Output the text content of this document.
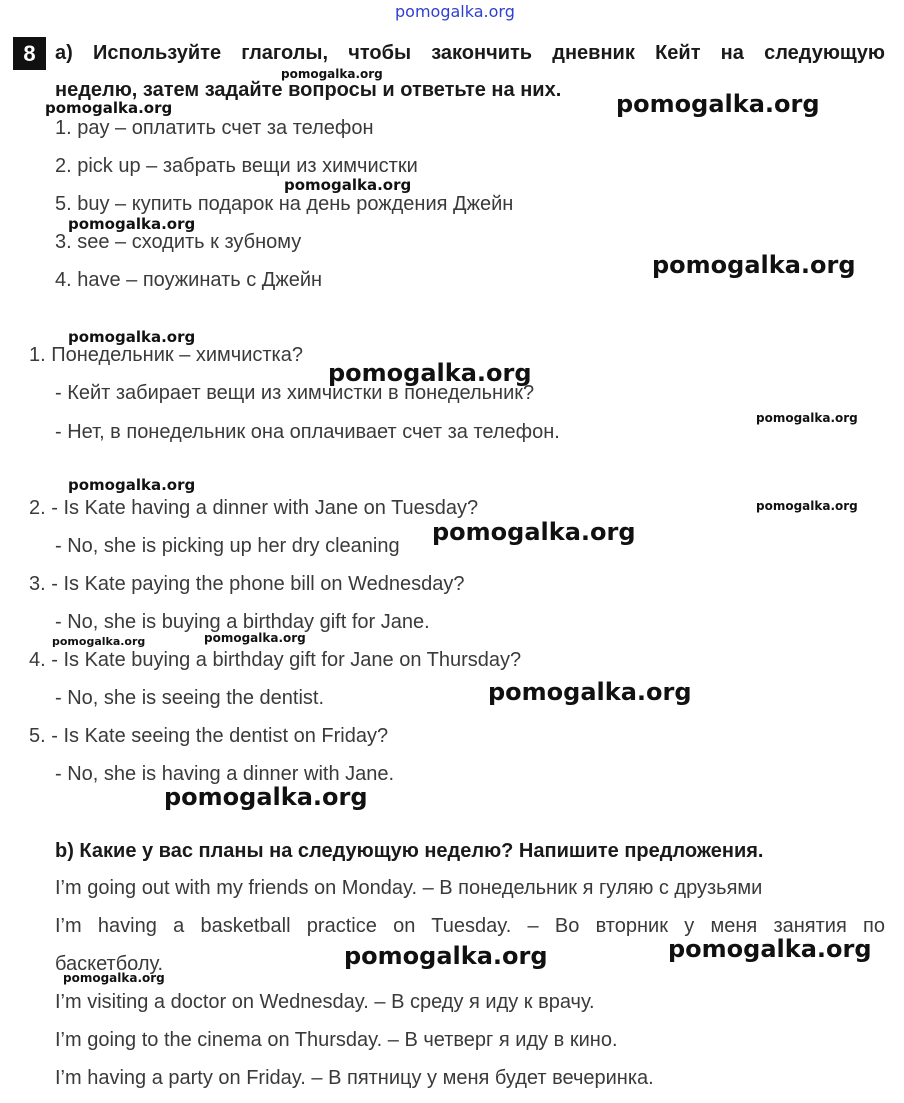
pomogalka.org
8 a) Используйте глаголы, чтобы закончить дневник Кейт на следующую
неделю, затем задайте вопросы и ответьте на них.
1. pay – оплатить счет за телефон
2. pick up – забрать вещи из химчистки
5. buy – купить подарок на день рождения Джейн
3. see – сходить к зубному
4. have – поужинать с Джейн
1. Понедельник – химчистка?
- Кейт забирает вещи из химчистки в понедельник?
- Нет, в понедельник она оплачивает счет за телефон.
2. - Is Kate having a dinner with Jane on Tuesday?
- No, she is picking up her dry cleaning
3. - Is Kate paying the phone bill on Wednesday?
- No, she is buying a birthday gift for Jane.
4. - Is Kate buying a birthday gift for Jane on Thursday?
- No, she is seeing the dentist.
5. - Is Kate seeing the dentist on Friday?
- No, she is having a dinner with Jane.
b) Какие у вас планы на следующую неделю? Напишите предложения.
I’m going out with my friends on Monday. – В понедельник я гуляю с друзьями
I’m having a basketball practice on Tuesday. – Во вторник у меня занятия по
баскетболу.
I’m visiting a doctor on Wednesday. – В среду я иду к врачу.
I’m going to the cinema on Thursday. – В четверг я иду в кино.
I’m having a party on Friday. – В пятницу у меня будет вечеринка.
pomogalka.org
pomogalka.org	pomogalka.org
pomogalka.org
pomogalka.org
pomogalka.org
pomogalka.org
pomogalka.org
pomogalka.org
pomogalka.org
pomogalka.org
pomogalka.org
pomogalka.org	pomogalka.org
pomogalka.org
pomogalka.org
pomogalka.org
pomogalka.org
pomogalka.org
